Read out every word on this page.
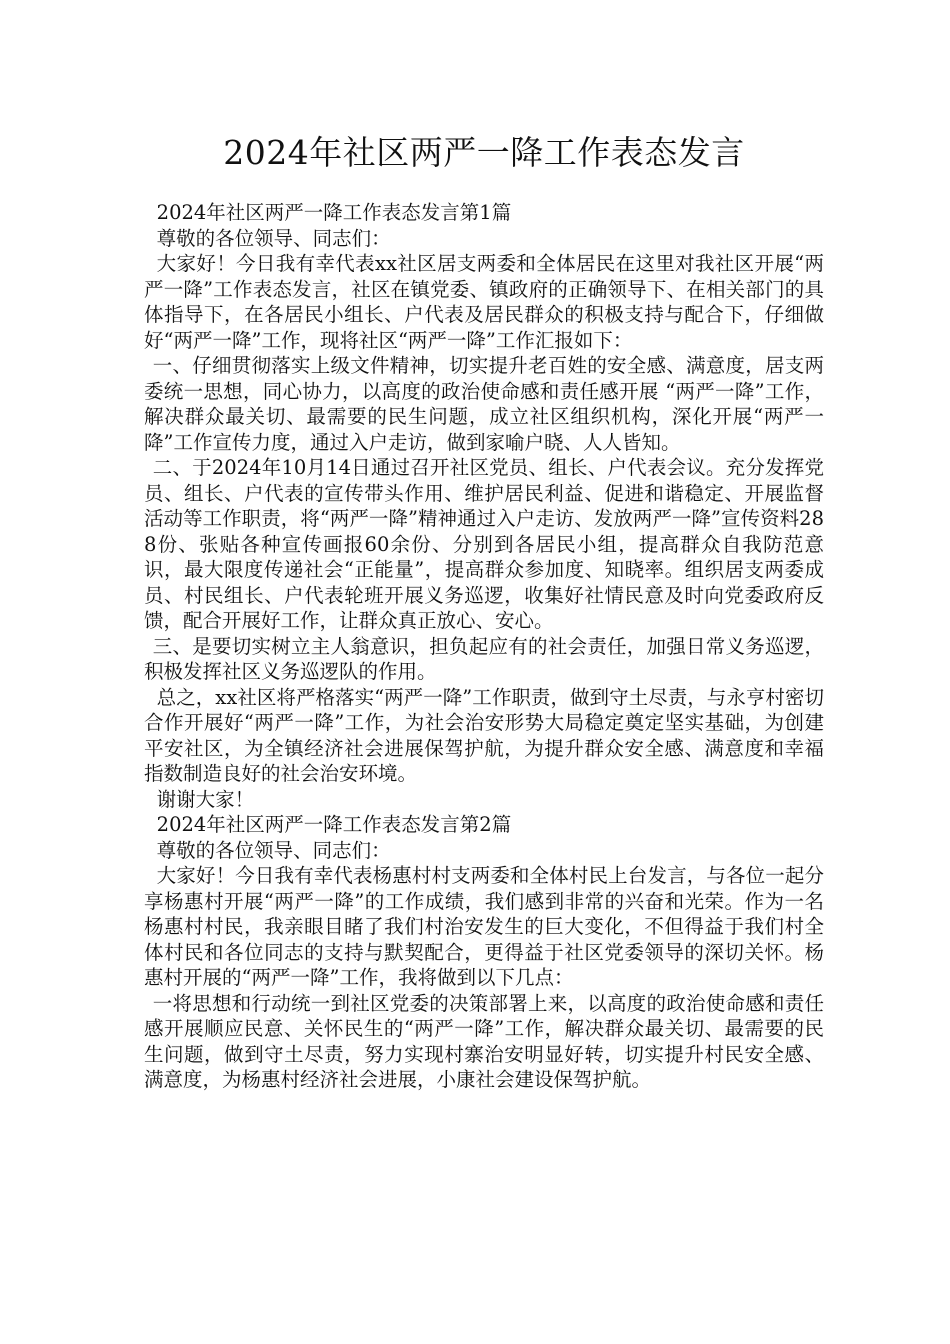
2024年社区两严一降工作表态发言

2024年社区两严一降工作表态发言第1篇

尊敬的各位领导、同志们：

大家好！今日我有幸代表xx社区居支两委和全体居民在这里对我社区开展“两严一降”工作表态发言，社区在镇党委、镇政府的正确领导下、在相关部门的具体指导下，在各居民小组长、户代表及居民群众的积极支持与配合下，仔细做好“两严一降”工作，现将社区“两严一降”工作汇报如下：

一、仔细贯彻落实上级文件精神，切实提升老百姓的安全感、满意度，居支两委统一思想，同心协力，以高度的政治使命感和责任感开展 “两严一降”工作，解决群众最关切、最需要的民生问题，成立社区组织机构，深化开展“两严一降”工作宣传力度，通过入户走访，做到家喻户晓、人人皆知。

二、于2024年10月14日通过召开社区党员、组长、户代表会议。充分发挥党员、组长、户代表的宣传带头作用、维护居民利益、促进和谐稳定、开展监督活动等工作职责，将“两严一降”精神通过入户走访、发放两严一降”宣传资料288份、张贴各种宣传画报60余份、分别到各居民小组，提高群众自我防范意识，最大限度传递社会“正能量”，提高群众参加度、知晓率。组织居支两委成员、村民组长、户代表轮班开展义务巡逻，收集好社情民意及时向党委政府反馈，配合开展好工作，让群众真正放心、安心。

三、是要切实树立主人翁意识，担负起应有的社会责任，加强日常义务巡逻，积极发挥社区义务巡逻队的作用。

总之，xx社区将严格落实“两严一降”工作职责，做到守土尽责，与永亨村密切合作开展好“两严一降”工作，为社会治安形势大局稳定奠定坚实基础，为创建平安社区，为全镇经济社会进展保驾护航，为提升群众安全感、满意度和幸福指数制造良好的社会治安环境。

谢谢大家！

2024年社区两严一降工作表态发言第2篇

尊敬的各位领导、同志们：

大家好！今日我有幸代表杨惠村村支两委和全体村民上台发言，与各位一起分享杨惠村开展“两严一降”的工作成绩，我们感到非常的兴奋和光荣。作为一名杨惠村村民，我亲眼目睹了我们村治安发生的巨大变化，不但得益于我们村全体村民和各位同志的支持与默契配合，更得益于社区党委领导的深切关怀。杨惠村开展的“两严一降”工作，我将做到以下几点：

一将思想和行动统一到社区党委的决策部署上来，以高度的政治使命感和责任感开展顺应民意、关怀民生的“两严一降”工作，解决群众最关切、最需要的民生问题，做到守土尽责，努力实现村寨治安明显好转，切实提升村民安全感、满意度，为杨惠村经济社会进展，小康社会建设保驾护航。
